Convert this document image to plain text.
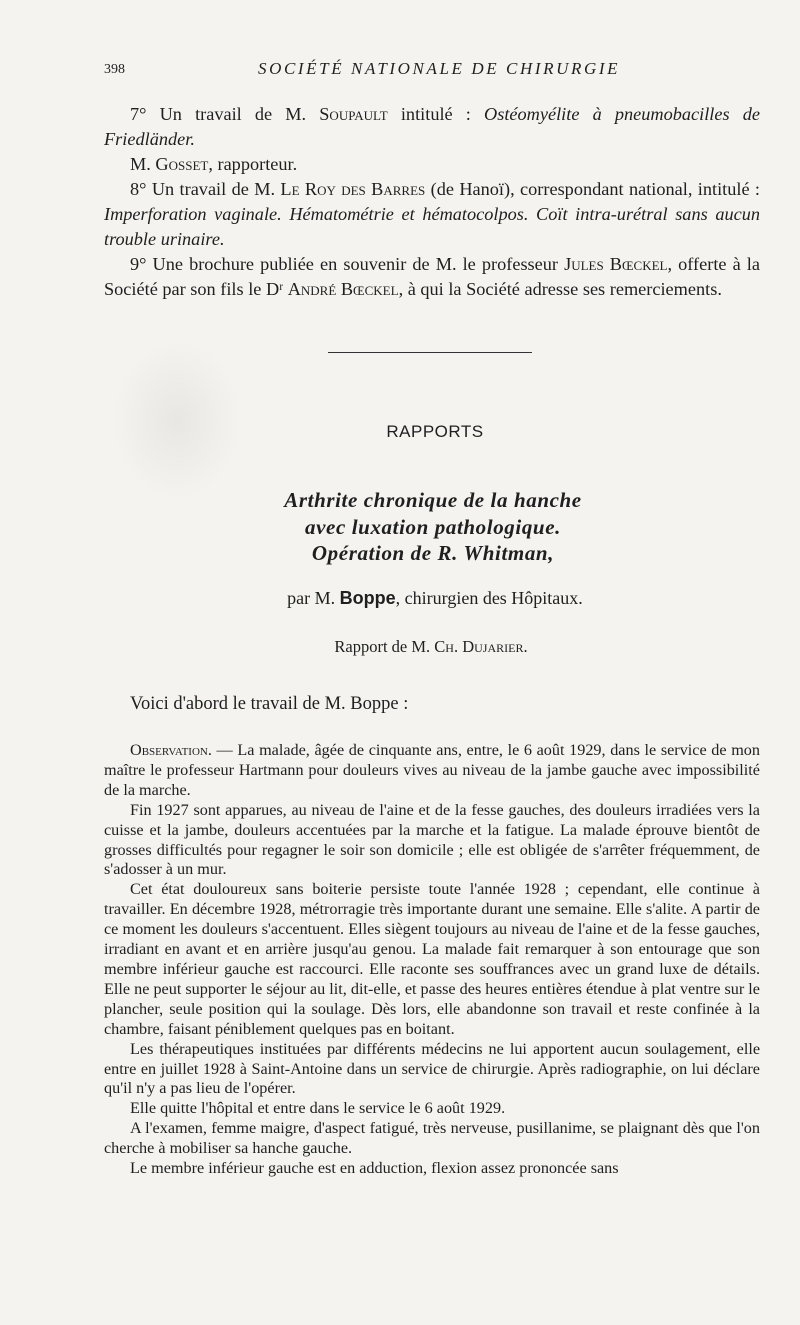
398	SOCIÉTÉ NATIONALE DE CHIRURGIE

7° Un travail de M. Soupault intitulé : Ostéomyélite à pneumobacilles de Friedländer.

M. Gosset, rapporteur.

8° Un travail de M. Le Roy des Barres (de Hanoï), correspondant national, intitulé : Imperforation vaginale. Hématométrie et hématocolpos. Coït intra-urétral sans aucun trouble urinaire.

9° Une brochure publiée en souvenir de M. le professeur Jules Bœckel, offerte à la Société par son fils le Dʳ André Bœckel, à qui la Société adresse ses remerciements.

RAPPORTS
Arthrite chronique de la hanche
avec luxation pathologique.
Opération de R. Whitman,
par M. Boppe, chirurgien des Hôpitaux.
Rapport de M. Ch. Dujarier.
Voici d'abord le travail de M. Boppe :

Observation. — La malade, âgée de cinquante ans, entre, le 6 août 1929, dans le service de mon maître le professeur Hartmann pour douleurs vives au niveau de la jambe gauche avec impossibilité de la marche.

Fin 1927 sont apparues, au niveau de l'aine et de la fesse gauches, des douleurs irradiées vers la cuisse et la jambe, douleurs accentuées par la marche et la fatigue. La malade éprouve bientôt de grosses difficultés pour regagner le soir son domicile ; elle est obligée de s'arrêter fréquemment, de s'adosser à un mur.

Cet état douloureux sans boiterie persiste toute l'année 1928 ; cependant, elle continue à travailler. En décembre 1928, métrorragie très importante durant une semaine. Elle s'alite. A partir de ce moment les douleurs s'accentuent. Elles siègent toujours au niveau de l'aine et de la fesse gauches, irradiant en avant et en arrière jusqu'au genou. La malade fait remarquer à son entourage que son membre inférieur gauche est raccourci. Elle raconte ses souffrances avec un grand luxe de détails. Elle ne peut supporter le séjour au lit, dit-elle, et passe des heures entières étendue à plat ventre sur le plancher, seule position qui la soulage. Dès lors, elle abandonne son travail et reste confinée à la chambre, faisant péniblement quelques pas en boitant.

Les thérapeutiques instituées par différents médecins ne lui apportent aucun soulagement, elle entre en juillet 1928 à Saint-Antoine dans un service de chirurgie. Après radiographie, on lui déclare qu'il n'y a pas lieu de l'opérer.

Elle quitte l'hôpital et entre dans le service le 6 août 1929.

A l'examen, femme maigre, d'aspect fatigué, très nerveuse, pusillanime, se plaignant dès que l'on cherche à mobiliser sa hanche gauche.

Le membre inférieur gauche est en adduction, flexion assez prononcée sans
